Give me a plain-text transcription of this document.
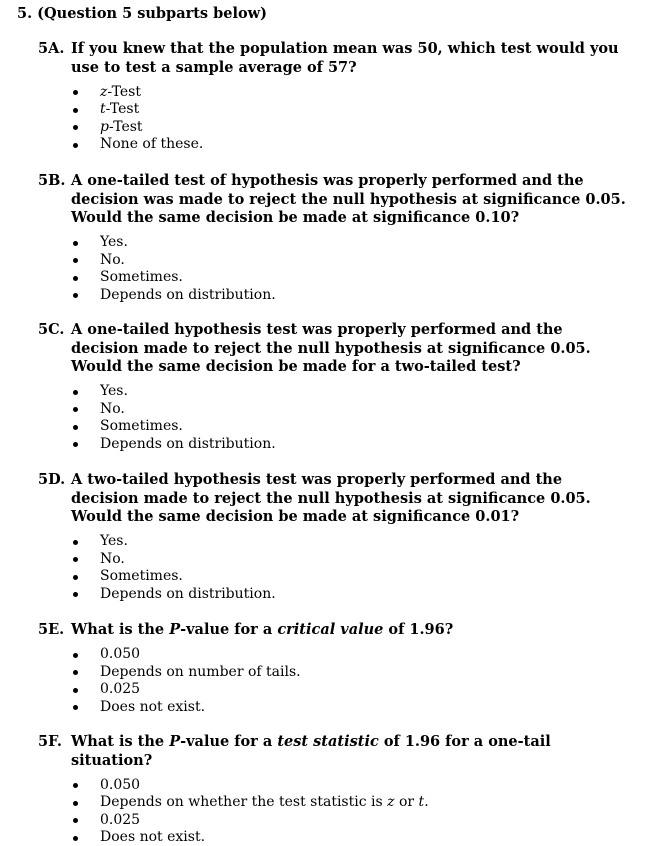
5. (Question 5 subparts below)
5A. If you knew that the population mean was 50, which test would you use to test a sample average of 57?
z-Test
t-Test
p-Test
None of these.
5B. A one-tailed test of hypothesis was properly performed and the decision was made to reject the null hypothesis at significance 0.05. Would the same decision be made at significance 0.10?
Yes.
No.
Sometimes.
Depends on distribution.
5C. A one-tailed hypothesis test was properly performed and the decision made to reject the null hypothesis at significance 0.05. Would the same decision be made for a two-tailed test?
Yes.
No.
Sometimes.
Depends on distribution.
5D. A two-tailed hypothesis test was properly performed and the decision made to reject the null hypothesis at significance 0.05. Would the same decision be made at significance 0.01?
Yes.
No.
Sometimes.
Depends on distribution.
5E. What is the P-value for a critical value of 1.96?
0.050
Depends on number of tails.
0.025
Does not exist.
5F. What is the P-value for a test statistic of 1.96 for a one-tail situation?
0.050
Depends on whether the test statistic is z or t.
0.025
Does not exist.
